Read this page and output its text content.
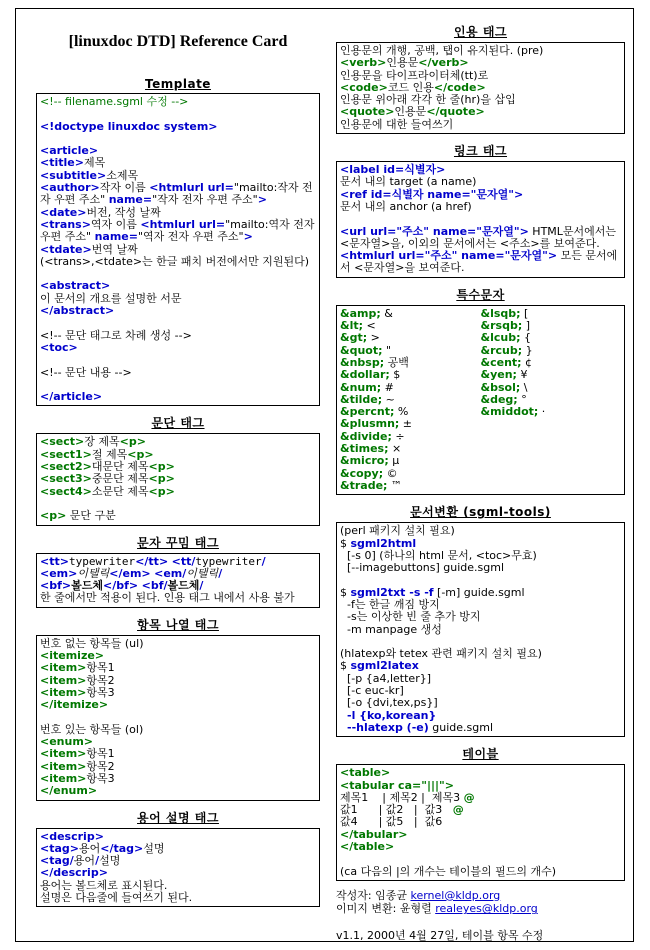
[linuxdoc DTD] Reference Card
Template
<!-- filename.sgml 수정 -->

<!doctype linuxdoc system>

<article>
<title>제목
<subtitle>소제목
<author>작자 이름 <htmlurl url="mailto:작자 전자 우편 주소" name="작자 전자 우편 주소">
<date>버전, 작성 날짜
<trans>역자 이름 <htmlurl url="mailto:역자 전자 우편 주소" name="역자 전자 우편 주소">
<tdate>번역 날짜
(<trans>,<tdate>는 한글 패치 버전에서만 지원된다)

<abstract>
이 문서의 개요를 설명한 서문
</abstract>

<!-- 문단 태그로 차례 생성 -->
<toc>

<!-- 문단 내용 -->

</article>
문단 태그
<sect>장 제목<p>
<sect1>절 제목<p>
<sect2>대문단 제목<p>
<sect3>중문단 제목<p>
<sect4>소문단 제목<p>

<p> 문단 구분
문자 꾸밈 태그
<tt>typewriter</tt> <tt/typewriter/
<em>이탤릭</em> <em/이탤릭/
<bf>볼드체</bf> <bf/볼드체/
한 줄에서만 적용이 된다. 인용 태그 내에서 사용 불가
항목 나열 태그
번호 없는 항목들 (ul)
<itemize>
<item>항목1
<item>항목2
<item>항목3
</itemize>

번호 있는 항목들 (ol)
<enum>
<item>항목1
<item>항목2
<item>항목3
</enum>
용어 설명 태그
<descrip>
<tag>용어</tag>설명
<tag/용어/설명
</descrip>
용어는 볼드체로 표시된다.
설명은 다음줄에 들여쓰기 된다.
인용 태그
인용문의 개행, 공백, 탭이 유지된다. (pre)
<verb>인용문</verb>
인용문을 타이프라이터체(tt)로
<code>코드 인용</code>
인용문 위아래 각각 한 줄(hr)을 삽입
<quote>인용문</quote>
인용문에 대한 들여쓰기
링크 태그
<label id=식별자>
문서 내의 target (a name)
<ref id=식별자 name="문자열">
문서 내의 anchor (a href)

<url url="주소" name="문자열"> HTML문서에서는 <문자열>을, 이외의 문서에서는 <주소>를 보여준다.
<htmlurl url="주소" name="문자열"> 모든 문서에서 <문자열>을 보여준다.
특수문자
&amp; &
&lt; <
&gt; >
&quot; "
&nbsp; 공백
&dollar; $
&num; #
&tilde; ~
&percnt; %
&plusmn; ±
&divide; ÷
&times; ×
&micro; µ
&copy; ©
&trade; ™
&lsqb; [
&rsqb; ]
&lcub; {
&rcub; }
&cent; ¢
&yen; ¥
&bsol; \
&deg; °
&middot; ·
문서변환 (sgml-tools)
(perl 패키지 설치 필요)
$ sgml2html
[-s 0] (하나의 html 문서, <toc>무효)
[--imagebuttons] guide.sgml

$ sgml2txt -s -f [-m] guide.sgml
-f는 한글 깨짐 방지
-s는 이상한 빈 줄 추가 방지
-m manpage 생성

(hlatexp와 tetex 관련 패키지 설치 필요)
$ sgml2latex
[-p {a4,letter}]
[-c euc-kr]
[-o {dvi,tex,ps}]
-l {ko,korean}
--hlatexp (-e) guide.sgml
테이블
<table>
<tabular ca="|||">
제목1    | 제목2 |  제목3 @
값1      | 값2   |  값3   @
값4      | 값5   |  값6
</tabular>
</table>

(ca 다음의 |의 개수는 테이블의 필드의 개수)
작성자: 임종균 kernel@kldp.org
이미지 변환: 윤형렬 realeyes@kldp.org

v1.1, 2000년 4월 27일, 테이블 항목 수정
